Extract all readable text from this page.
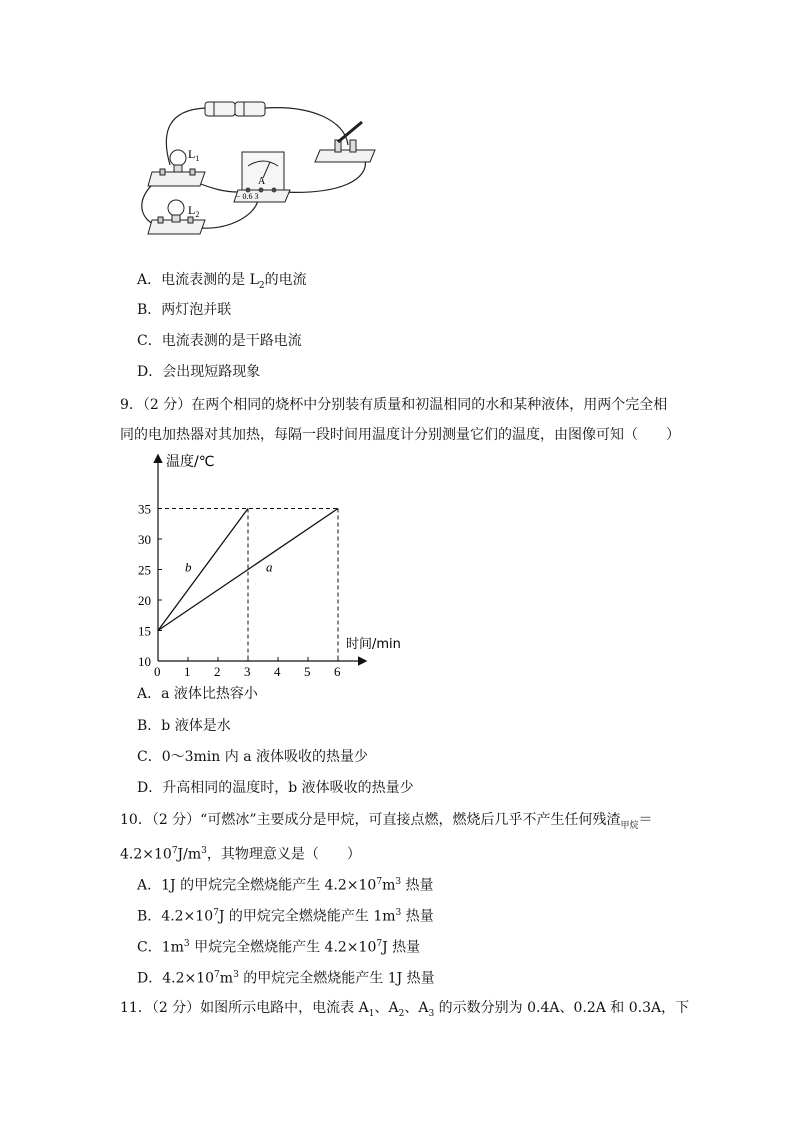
$L_1$
A
− 0.6 3
$L_2$
A．电流表测的是 $L_2$的电流
B．两灯泡并联
C．电流表测的是干路电流
D．会出现短路现象
9．（2 分）在两个相同的烧杯中分别装有质量和初温相同的水和某种液体，用两个完全相
同的电加热器对其加热，每隔一段时间用温度计分别测量它们的温度，由图像可知（　　）
温度/℃
时间/min
0 1 2 3 4 5 6
10
15
20
25
30
35
b	a
A．a 液体比热容小
B．b 液体是水
C．0～3min 内 a 液体吸收的热量少
D．升高相同的温度时，b 液体吸收的热量少
10．（2 分）“可燃冰”主要成分是甲烷，可直接点燃，燃烧后几乎不产生任何残渣$_{甲烷}$＝
$4.2\times 10^7J/m^3$，其物理意义是（　　）
A．1J 的甲烷完全燃烧能产生 $4.2\times 10^7m^3$ 热量
B．$4.2\times 10^7J$ 的甲烷完全燃烧能产生 $1m^3$ 热量
C．$1m^3$ 甲烷完全燃烧能产生 $4.2\times 10^7J$ 热量
D．$4.2\times 10^7m^3$ 的甲烷完全燃烧能产生 1J 热量
11．（2 分）如图所示电路中，电流表 $A_1$、$A_2$、$A_3$ 的示数分别为 0.4A、0.2A 和 0.3A，下
